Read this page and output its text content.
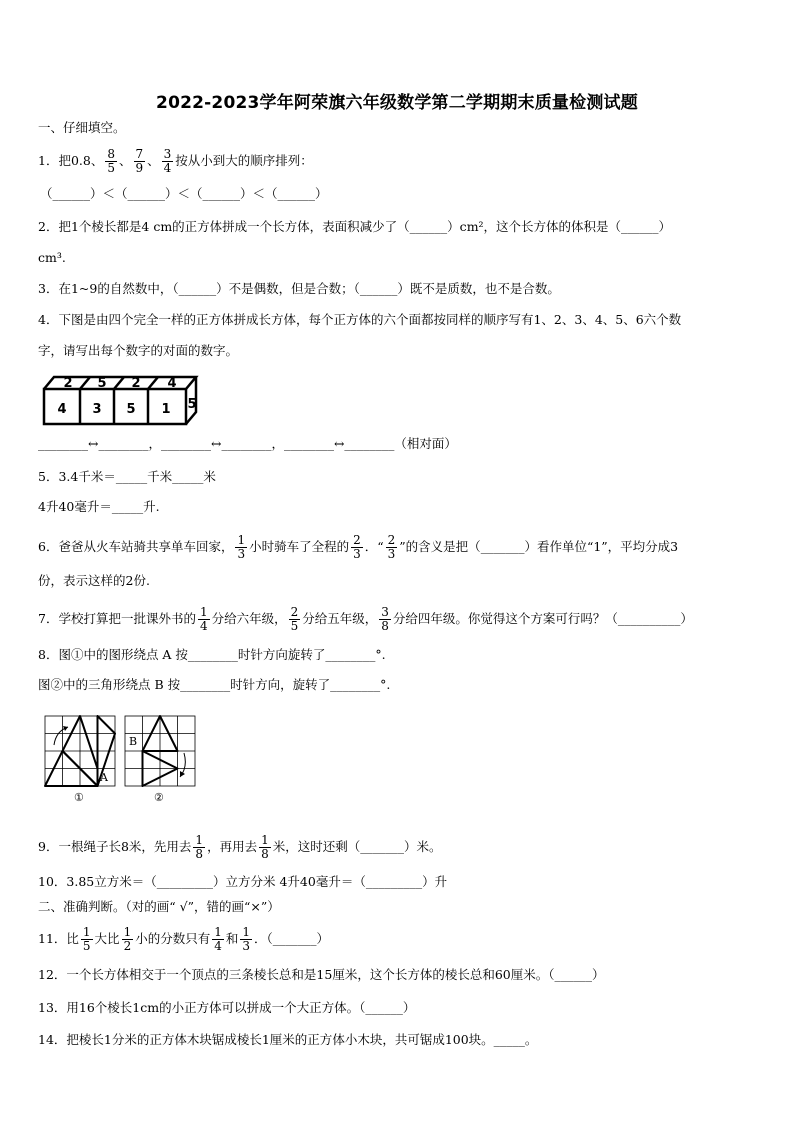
2022-2023学年阿荣旗六年级数学第二学期期末质量检测试题
一、仔细填空。
1．把0.8、 $\frac{8}{5}$ 、 $\frac{7}{9}$ 、 $\frac{3}{4}$ 按从小到大的顺序排列：
（______）＜（______）＜（______）＜（______）
2．把1个棱长都是4 cm的正方体拼成一个长方体，表面积减少了（______）cm²，这个长方体的体积是（______）
cm³.
3．在1~9的自然数中，（______）不是偶数，但是合数；（______）既不是质数，也不是合数。
4．下图是由四个完全一样的正方体拼成长方体，每个正方体的六个面都按同样的顺序写有1、2、3、4、5、6六个数
字，请写出每个数字的对面的数字。
2 5 2 4
4 3 5 1 5
________↔________，________↔________，________↔________（相对面）
5．3.4千米＝_____千米_____米
4升40毫升＝_____升.
6．爸爸从火车站骑共享单车回家， $\frac{1}{3}$ 小时骑车了全程的 $\frac{2}{3}$ ．“ $\frac{2}{3}$ ”的含义是把（_______）看作单位“1”，平均分成3
份，表示这样的2份.
7．学校打算把一批课外书的 $\frac{1}{4}$ 分给六年级， $\frac{2}{5}$ 分给五年级， $\frac{3}{8}$ 分给四年级。你觉得这个方案可行吗？（__________）
8．图①中的图形绕点 A 按________时针方向旋转了________°.
图②中的三角形绕点 B 按________时针方向，旋转了________°.
A
①
B
②
9．一根绳子长8米，先用去 $\frac{1}{8}$ ，再用去 $\frac{1}{8}$ 米，这时还剩（_______）米。
10．3.85立方米＝（_________）立方分米 4升40毫升＝（_________）升
二、准确判断。（对的画“ √”，错的画“×”）
11．比 $\frac{1}{5}$ 大比 $\frac{1}{2}$ 小的分数只有 $\frac{1}{4}$ 和 $\frac{1}{3}$ ．（_______）
12．一个长方体相交于一个顶点的三条棱长总和是15厘米，这个长方体的棱长总和60厘米。（______）
13．用16个棱长1cm的小正方体可以拼成一个大正方体。（______）
14．把棱长1分米的正方体木块锯成棱长1厘米的正方体小木块，共可锯成100块。_____。
